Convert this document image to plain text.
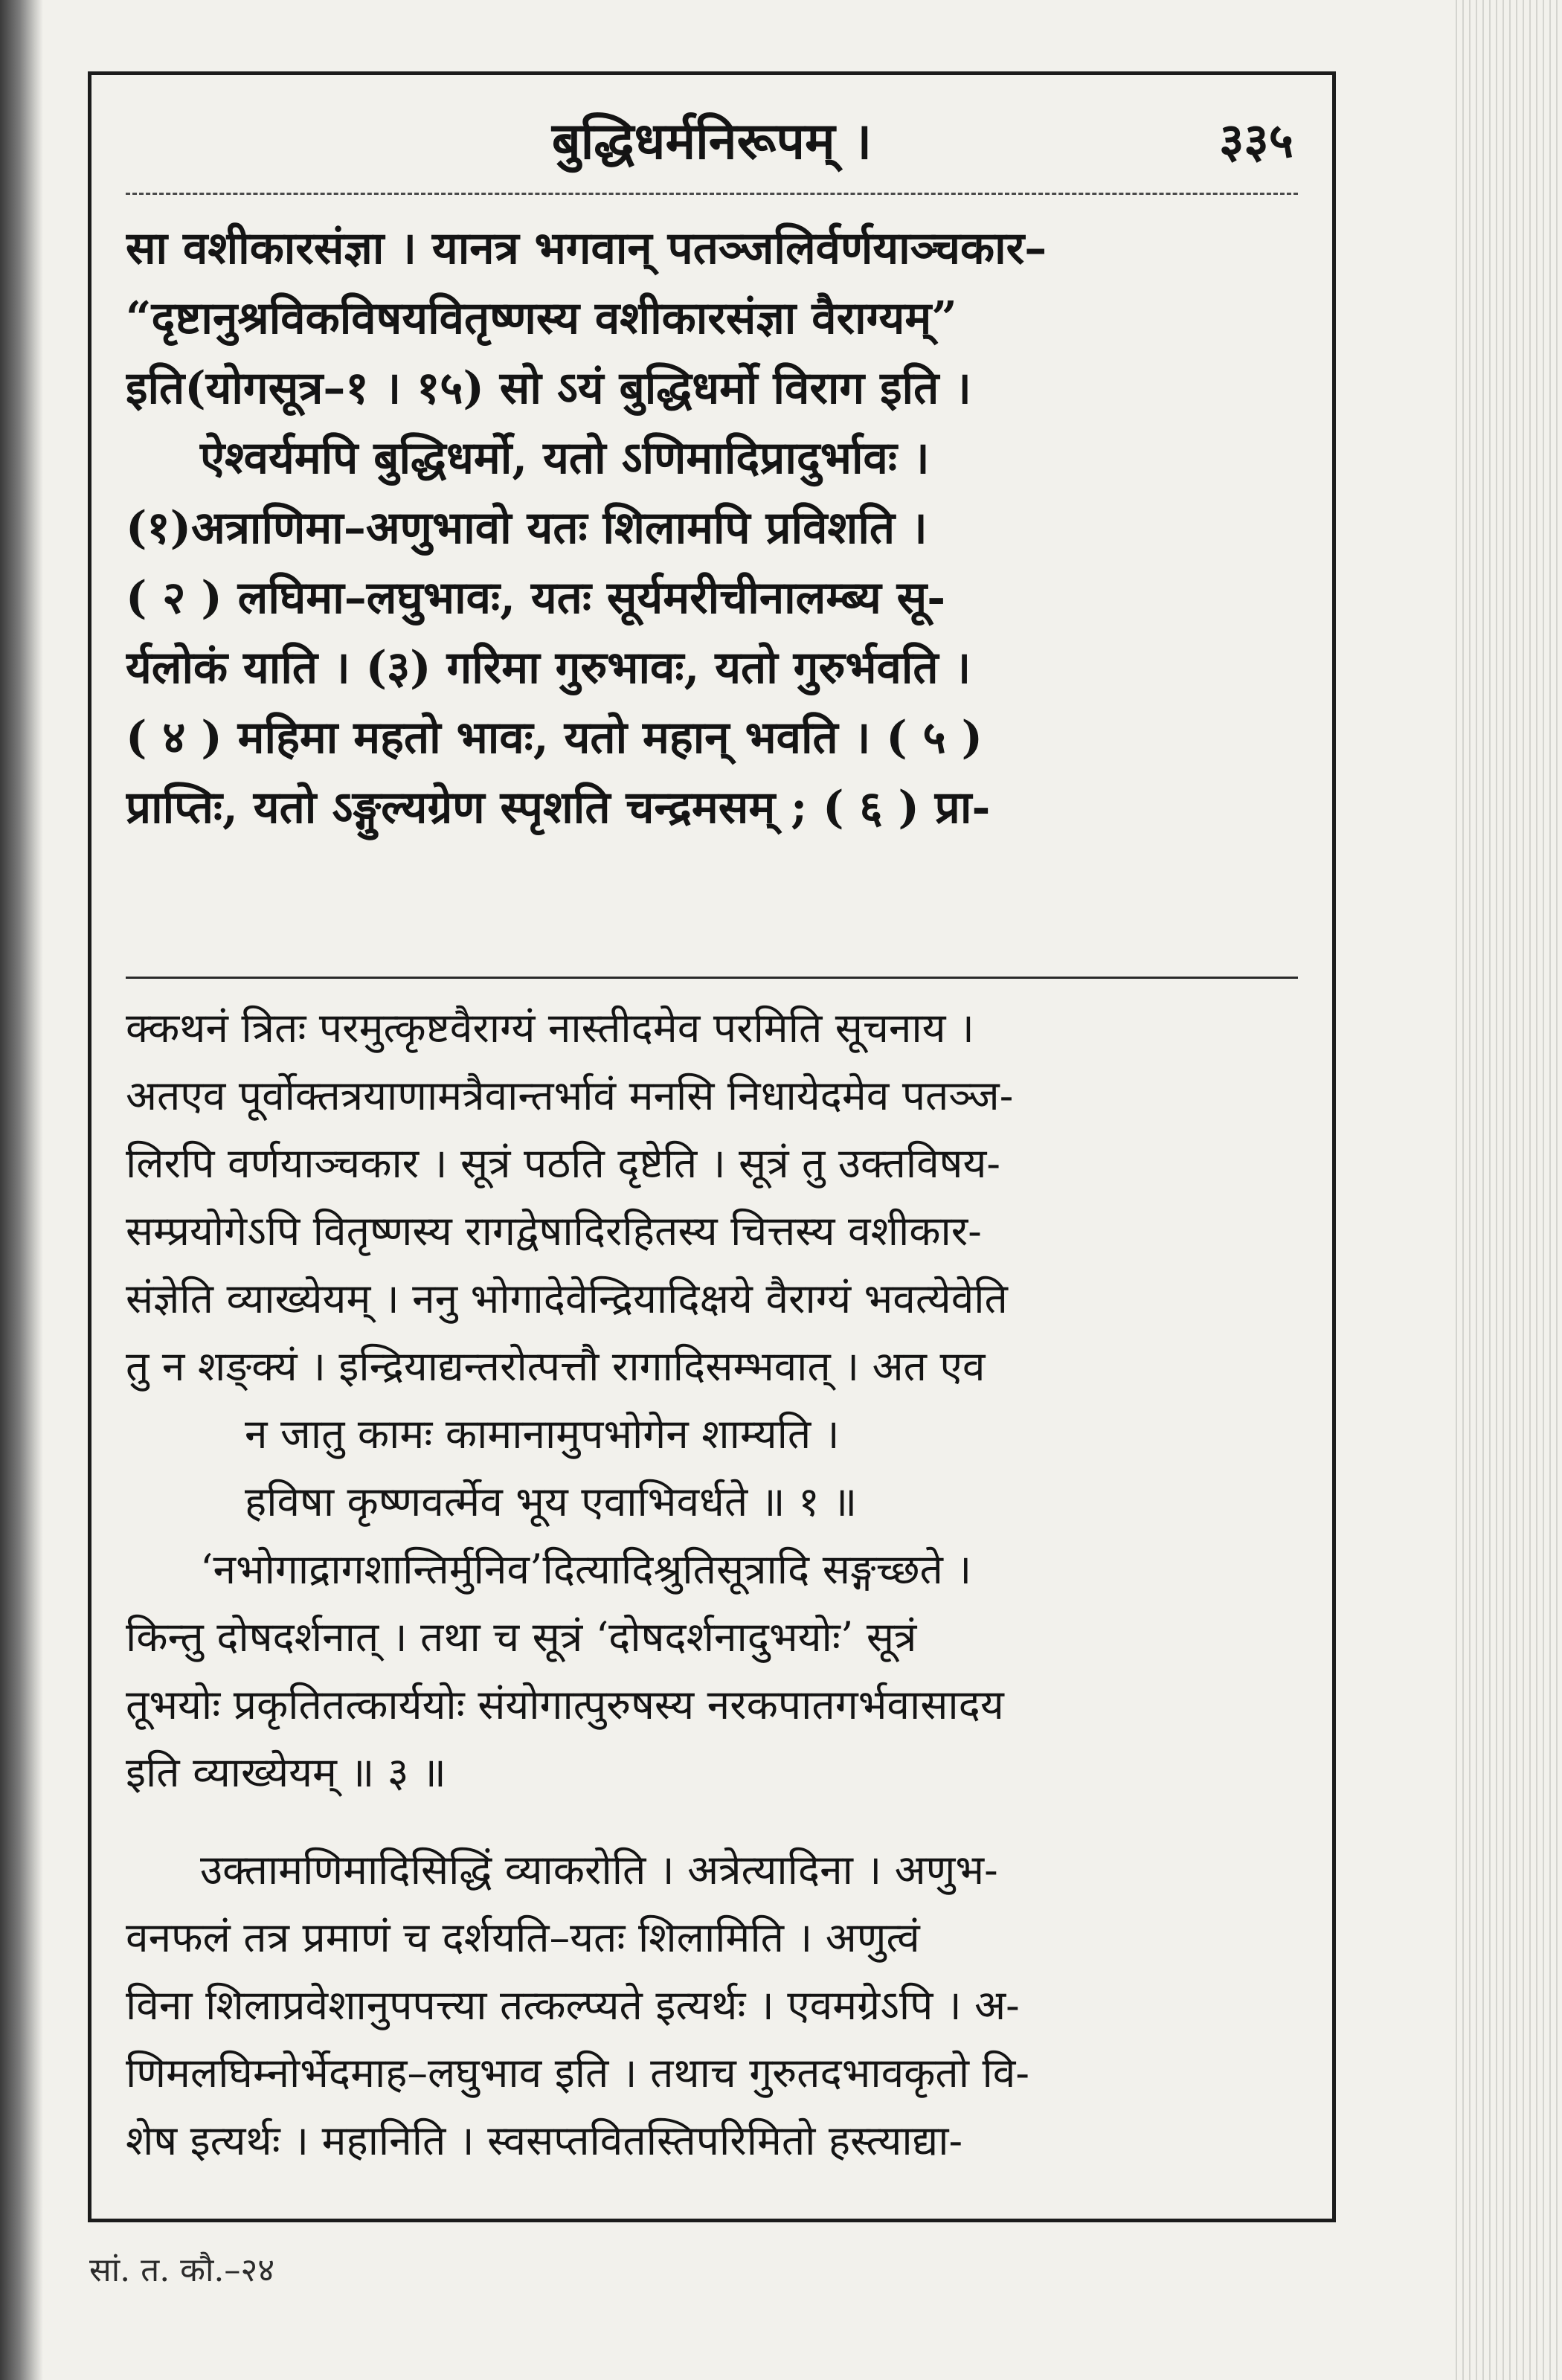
बुद्धिधर्मनिरूपम् ।	३३५
सा वशीकारसंज्ञा । यानत्र भगवान् पतञ्जलिर्वर्णयाञ्चकार–
“दृष्टानुश्रविकविषयवितृष्णस्य वशीकारसंज्ञा वैराग्यम्”
इति(योगसूत्र–१ । १५) सो ऽयं बुद्धिधर्मो विराग इति ।
ऐश्वर्यमपि बुद्धिधर्मो, यतो ऽणिमादिप्रादुर्भावः ।
(१)अत्राणिमा–अणुभावो यतः शिलामपि प्रविशति ।
( २ ) लघिमा–लघुभावः, यतः सूर्यमरीचीनालम्ब्य सू-
र्यलोकं याति । (३) गरिमा गुरुभावः, यतो गुरुर्भवति ।
( ४ ) महिमा महतो भावः, यतो महान् भवति । ( ५ )
प्राप्तिः, यतो ऽङ्गुल्यग्रेण स्पृशति चन्द्रमसम् ; ( ६ ) प्रा-
क्कथनं त्रितः परमुत्कृष्टवैराग्यं नास्तीदमेव परमिति सूचनाय ।
अतएव पूर्वोक्तत्रयाणामत्रैवान्तर्भावं मनसि निधायेदमेव पतञ्ज-
लिरपि वर्णयाञ्चकार । सूत्रं पठति दृष्टेति । सूत्रं तु उक्तविषय-
सम्प्रयोगेऽपि वितृष्णस्य रागद्वेषादिरहितस्य चित्तस्य वशीकार-
संज्ञेति व्याख्येयम् । ननु भोगादेवेन्द्रियादिक्षये वैराग्यं भवत्येवेति
तु न शङ्क्यं । इन्द्रियाद्यन्तरोत्पत्तौ रागादिसम्भवात् । अत एव
न जातु कामः कामानामुपभोगेन शाम्यति ।
हविषा कृष्णवर्त्मेव भूय एवाभिवर्धते ॥ १ ॥
‘नभोगाद्रागशान्तिर्मुनिव’दित्यादिश्रुतिसूत्रादि सङ्गच्छते ।
किन्तु दोषदर्शनात् । तथा च सूत्रं ‘दोषदर्शनादुभयोः’ सूत्रं
तूभयोः प्रकृतितत्कार्ययोः संयोगात्पुरुषस्य नरकपातगर्भवासादय
इति व्याख्येयम् ॥ ३ ॥
उक्तामणिमादिसिद्धिं व्याकरोति । अत्रेत्यादिना । अणुभ-
वनफलं तत्र प्रमाणं च दर्शयति–यतः शिलामिति । अणुत्वं
विना शिलाप्रवेशानुपपत्त्या तत्कल्प्यते इत्यर्थः । एवमग्रेऽपि । अ-
णिमलघिम्नोर्भेदमाह–लघुभाव इति । तथाच गुरुतदभावकृतो वि-
शेष इत्यर्थः । महानिति । स्वसप्तवितस्तिपरिमितो हस्त्याद्या-
सां. त. कौ.–२४
